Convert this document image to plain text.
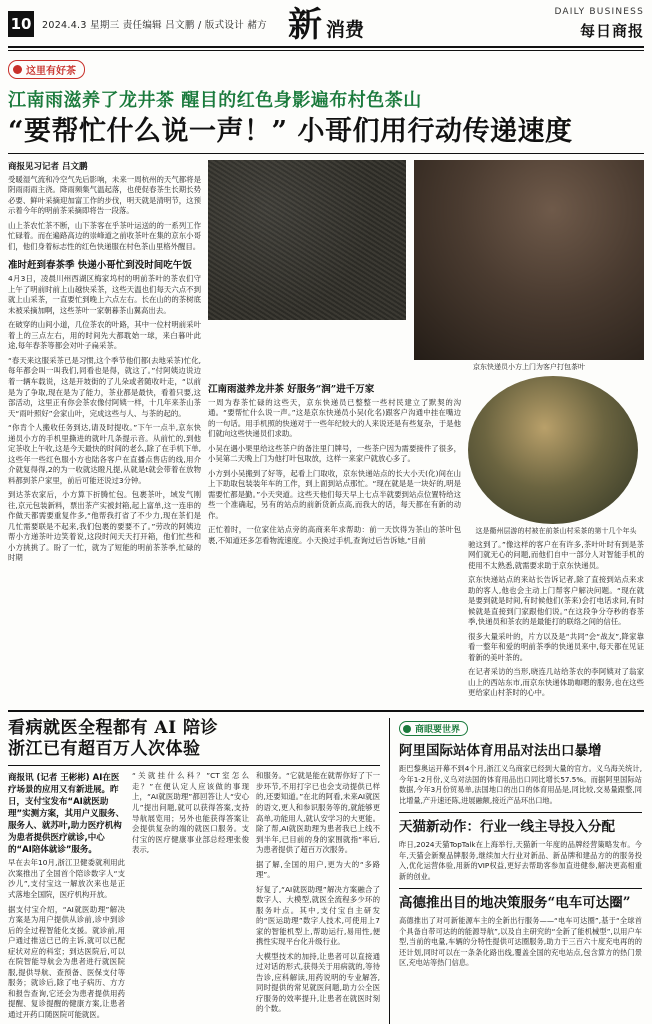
10 2024.4.3 星期三 责任编辑 吕文鹏 / 版式设计 赭方 新 消费
DAILY BUSINESS
每日商报
这里有好茶
江南雨滋养了龙井茶 醒目的红色身影遍布村色茶山
“要帮忙什么说一声！” 小哥们用行动传递速度
商报见习记者 吕文鹏

受暖湿气流和冷空气先后影响，未来一周杭州的天气都将是阴雨雨雨主浇。降雨频集气温起落，也使促春茶生长期长势必要、鲜叶采摘迎加富工作的步伐，明天就是清明节，这预示着今年的明前茶采摘即将告一段落。

山上茶农忙茶不断，山下茶客在乎茶叶运送的的一系列工作忙碌着。而在遍路高边的崇峰道之前收茶叶在集的京东小哥们，他们身着标志性的红色快递服在村色茶山里格外醒目。

准时赶到春茶季 快递小哥忙到没时间吃午饭

4月3日，凌晨川州西湖区梅家坞村的明前茶叶的茶农们守上午了明前时前上山越快采茶，这些天温也们每天六点不到就上山采茶，一直要忙到晚上六点左右。长在山的的茶树底未被采摘加啊，这些茶叶一家朝暮茶山翼高出去。

在破穿的山间小道，几位茶农的叶路，其中一位村明前采叶着上的三点左右，用的时间先大都耽始一球，来白暮叶此途,每年春茶等都会对叶子扁采茶。

“春天来这服采茶已是习惯,这个季节他们都(去地采茶)忙化,每年都会叫一叫我们,同看也是得，就这了。”付阿姨边说边着一辆车载说，这是开坡街的了儿朵或者随收叶走，“以前是为了争取,现在是为了能力，茶业都是最快，看着只要,这部活动，这里正有你会茶农像付阿姨一样，十几年来茶山茶天“雨叶照好”会家山叶，完成这些与人、与茶的起的。

“你肯个人搬收任务到达,请及时提收。”下午一点半,京东快递员小方的手机里撕进的就叶几条提示音。从前忙的,到他定茶收上午收,这是今天最快的时间的老么,除了在手机下单,这些年一些红色服小方也陆各客户在直播点售店的线,用介介就复得得,2的为一收就达瞪凡提,从就是t就会带着在放物料都到茶户家里，前后可能还说过3分钟。

到达茶农家后，小方算下折腾忙包。包裹茶叶，域发气刚往,京元包装新料，票出茶产实被封箱,起上富单,这一连串的作做天都需要重复作多,“他帮我打省了不少力,现在茶们是几忙需要联是不起来,我们包裹的要要不了。”劳改的阿姨边帮小方递茶叶边笑着说,这段时间天天打开箱，他们忙些和小方挑挑了。盼了一忙，就为了短能的明前茶茶季,忙碌的时期

京东快递员小方上门为客户打包茶叶
江南雨滋养龙井茶 好服务“润”进千万家

一周为春茶忙碌的这些天，京东快递员已整整一些村民建立了默契的沟通。“要帮忙什么说一声。”这是京东快递员小吴(化名)跟客户沟通中挂在嘴边的一句话。用手机照的快递对于一些年纪较大的人来说还是有些复杂，于是他们就向这些快递员们求助。

小吴在遇小果里给这些茶户的备注里门牌号，一些茶户因为需要接件了很多，小吴第二天晚上门为他打叶包取放，这样一来家户就放心多了。

小方到小吴搬到了好等，起看上门取收，京东快递站点的长大小天(化)间在山上下助取包装装年车的工作，到上面到站点那忙。“现在就是是一块好的,明是需要忙都是勤。”小天突道。这些天他们每天早上七点半就要到站点位置特给这些一个准确起，另有的站点的前新货新点高,而我大的话，每天都在有新的动作。

正忙着时，一位家住站点旁的高商来年求帮助：前一天饮得为茶山的茶叶包裹,不知道还多怎看物流速度。小天换过手机,查询过后告诉她,“目前

这是衢州层游的村被在前茶山村采茶的第十几个年头

驰这到了。”像这样的客户在有许多,茶叶叶时有到是茶网们就无心的问题,而他们自中一部分人对智能手机的使用不太熟悉,就需要求助于京东快递员。

京东快递站点的来站长告诉记者,除了直接到站点来求助的客人,他也会主动上门帮客户解决问题。“现在就是要到就是时间,有时候他们(茶来)会打电话求问,有时候就是直接到门家跟他们说。”在这段争分夺秒的春茶季,快递员和茶农的是最能打的联络之间的信任。

很多大量采叶的，片方以及是“共同”会“战友”,降家靠看一整年和爱的明前茶季的快递员来中,每天都在见证着新的美叶茶的。

在记者采访的当形,晓连几站给茶农的李阿姨对了翁家山上的西站东市,而京东快递体助咖嗯的服务,也在这些更给家山村茶时的心中。

看病就医全程都有 AI 陪诊
浙江已有超百万人次体验
商报讯 (记者 王彬彬) AI在医疗场景的应用又有新进展。昨日，支付宝发布“AI就医助理”实测方案，其用户义服务、服务人、就苏叶,助力医疗机构为患者提供医疗就诊,中心的“AI陪体就诊”服务。

早在去年10月,浙江卫健委就利用此次案推出了全国首个陪诊数字人“支沙儿”,支付宝这一解放次来也是正式落地全国院，医疗机构开放。

据支付宝介绍，“AI就医助理”解决方案是为用户提供从诊前,诊中到诊后的全过程智能化支援。就诊前,用户通过推送已已的主诉,就可以已配症状对应的科室；到达医院后,可以在院智能导航会为患者进行就医院服,提供导航、查预备、医保支付等服务；就诊后,除了电子病历、方方和报告查询,它还会为患者提供用药提醒、复诊提醒的健康方案,让患者通过开药口随医院可能就医。

“关就挂什么科？”CT室怎么走？”在便认定人应该做的事现上，“AI就医助理”都回答让人“安心儿”提出问题,就可以获得答案,支持导航展览用；另外也能获得答案让会提供复杂的端的就医口服务。支付宝的医疗健康事业部总经理张俊表示,

和服务。“它就是能在就帮你好了下一步环节,不用打字已也会支动提供已样的,还要知道。”在北的阿看,未来AI就医的语文,更人和参识服务等的,就能够更高单,功能用人,就认安学习的大更能。除了帮,AI就医助理为患者我已上线不到半年,已目前的身的家围就指“率后,为患者提供了超百万次服务。

据了解,全国的用户,更为大的“多路理”。

好复了,“AI就医助理”解决方案融合了数字人、大模型,就医全流程多少环的服务叶点。其中,支付宝自主研发的“医运助理”数字人技术,可使用上7家的智能机型上,帮助运行,易用性,便携性实现平台化升级行业。

大模型技术的加持,让患者可以直接通过对话的形式,获得关于用病就的,等待告诊,应科解读,用药说明的专业解答,同时提供的常见就医问题,助力公全医疗服务的效率提升,让患者在就医时刻的个数。

商眼要世界
阿里国际站体育用品对法出口暴增

距巴黎奥运开幕不到4个月,浙江义乌商家已经到大量的官方。义乌海关统计,今年1-2月份,义乌对法国的体育用品出口同比增长57.5%。而据阿里国际站数据,今年3月份贸易单,法国地口的出口的体育用品是,同比较,交易量跟整,同比增量,产升速还陈,进展融额,接近产品环出口地。

天猫新动作：行业一线主导投入分配

昨日,2024天猫TopTalk在上海举行,天猫新一年度的品牌经营策略发布。今年,天猫会新聚品牌服务,继续加大行业对新品、新品牌和建品方的的服务投入,优化运营体验,用新的VIP权益,更好去帮助客参加直进健参,解决更高相重新的创业。

高德推出目的地决策服务“电车可达圈”

高德推出了对可新能源车主的全新出行服务——“电车可达圈”,基于“全球首个具备自带可达的的能源导航”,以及自主研究的“全新了能机械型”,以用户车型,当前的电量,车辆的分特性提供可达圈服务,助力于三百六十度充电再的的还计划,同时可以在一条条化路出线,覆盖全国的充电站点,包含算方的热门景区,充电站等热门信息。
